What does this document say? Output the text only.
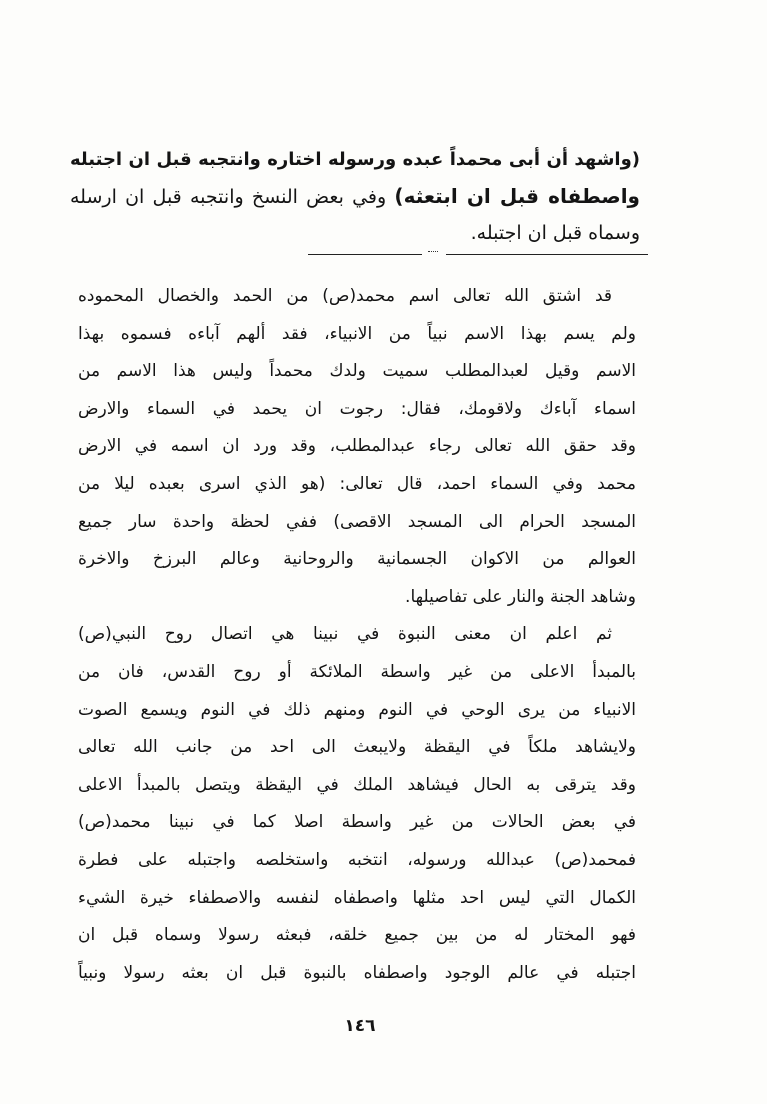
(واشهد أن أبى محمداً عبده ورسوله اختاره وانتجبه قبل ان اجتبله
واصطفاه قبل ان ابتعثه) وفي بعض النسخ وانتجبه قبل ان ارسله
وسماه قبل ان اجتبله.
قد اشتق الله تعالى اسم محمد(ص) من الحمد والخصال المحموده
ولم يسم بهذا الاسم نبياً من الانبياء، فقد ألهم آباءه فسموه بهذا
الاسم وقيل لعبدالمطلب سميت ولدك محمداً وليس هذا الاسم من
اسماء آباءك ولاقومك، فقال: رجوت ان يحمد في السماء والارض
وقد حقق الله تعالى رجاء عبدالمطلب، وقد ورد ان اسمه في الارض
محمد وفي السماء احمد، قال تعالى: (هو الذي اسرى بعبده ليلا من
المسجد الحرام الى المسجد الاقصى) ففي لحظة واحدة سار جميع
العوالم من الاكوان الجسمانية والروحانية وعالم البرزخ والاخرة
وشاهد الجنة والنار على تفاصيلها.
ثم اعلم ان معنى النبوة في نبينا هي اتصال روح النبي(ص)
بالمبدأ الاعلى من غير واسطة الملائكة أو روح القدس، فان من
الانبياء من يرى الوحي في النوم ومنهم ذلك في النوم ويسمع الصوت
ولايشاهد ملكاً في اليقظة ولايبعث الى احد من جانب الله تعالى
وقد يترقى به الحال فيشاهد الملك في اليقظة ويتصل بالمبدأ الاعلى
في بعض الحالات من غير واسطة اصلا كما في نبينا محمد(ص)
فمحمد(ص) عبدالله ورسوله، انتخبه واستخلصه واجتبله على فطرة
الكمال التي ليس احد مثلها واصطفاه لنفسه والاصطفاء خيرة الشيء
فهو المختار له من بين جميع خلقه، فبعثه رسولا وسماه قبل ان
اجتبله في عالم الوجود واصطفاه بالنبوة قبل ان بعثه رسولا ونبياً
١٤٦
